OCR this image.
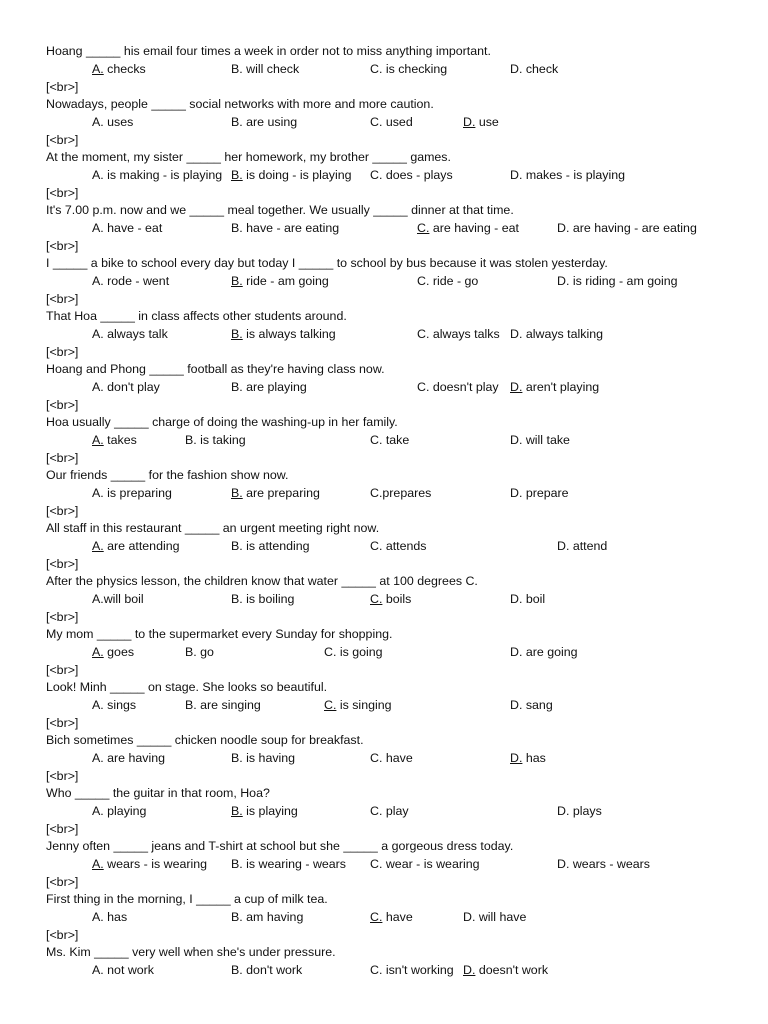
Hoang _____ his email four times a week in order not to miss anything important.
A. checks	B. will check	C. is checking	D. check
[<br>]
Nowadays, people _____ social networks with more and more caution.
A. uses	B. are using	C. used	D. use
[<br>]
At the moment, my sister _____ her homework, my brother _____ games.
A. is making - is playing B. is doing - is playing C. does - plays	D. makes - is playing
[<br>]
It's 7.00 p.m. now and we _____ meal together. We usually _____ dinner at that time.
A. have - eat	B. have - are eating	C. are having - eat	D. are having - are eating
[<br>]
I _____ a bike to school every day but today I _____ to school by bus because it was stolen yesterday.
A. rode - went	B. ride - am going	C. ride - go	D. is riding - am going
[<br>]
That Hoa _____ in class affects other students around.
A. always talk	B. is always talking	C. always talks D. always talking
[<br>]
Hoang and Phong _____ football as they're having class now.
A. don't play	B. are playing	C. doesn't play D. aren't playing
[<br>]
Hoa usually _____ charge of doing the washing-up in her family.
A. takes	B. is taking	C. take	D. will take
[<br>]
Our friends _____ for the fashion show now.
A. is preparing	B. are preparing	C.prepares	D. prepare
[<br>]
All staff in this restaurant _____ an urgent meeting right now.
A. are attending	B. is attending	C. attends	D. attend
[<br>]
After the physics lesson, the children know that water _____ at 100 degrees C.
A.will boil	B. is boiling	C. boils	D. boil
[<br>]
My mom _____ to the supermarket every Sunday for shopping.
A. goes	B. go	C. is going	D. are going
[<br>]
Look! Minh _____ on stage. She looks so beautiful.
A. sings	B. are singing	C. is singing	D. sang
[<br>]
Bich sometimes _____ chicken noodle soup for breakfast.
A. are having	B. is having	C. have	D. has
[<br>]
Who _____ the guitar in that room, Hoa?
A. playing	B. is playing	C. play	D. plays
[<br>]
Jenny often _____ jeans and T-shirt at school but she _____ a gorgeous dress today.
A. wears - is wearing B. is wearing - wears C. wear - is wearing	D. wears - wears
[<br>]
First thing in the morning, I _____ a cup of milk tea.
A. has	B. am having	C. have	D. will have
[<br>]
Ms. Kim _____ very well when she's under pressure.
A. not work	B. don't work	C. isn't working D. doesn't work
